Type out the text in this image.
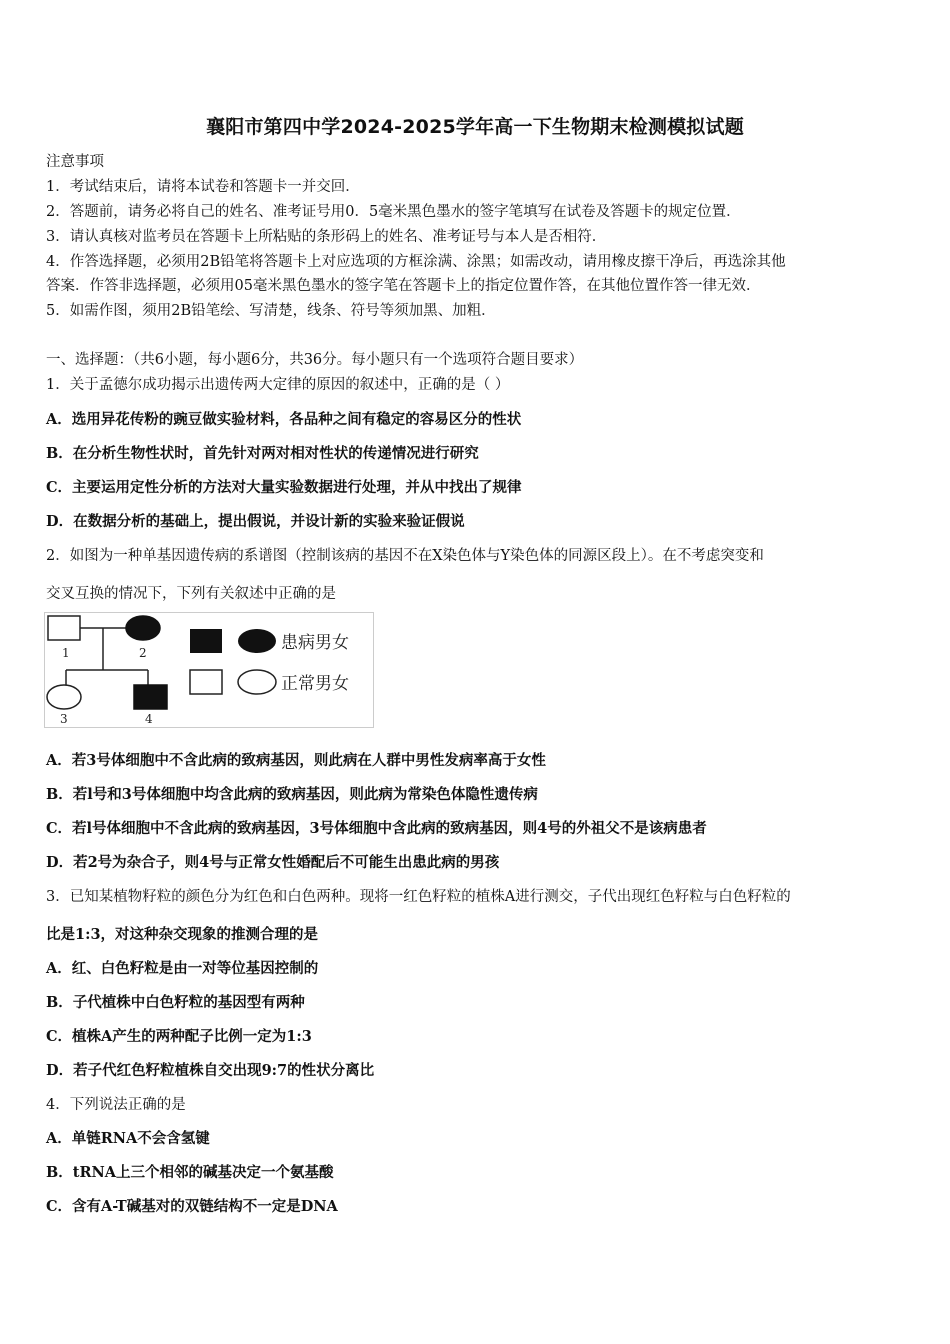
襄阳市第四中学2024-2025学年高一下生物期末检测模拟试题
注意事项
1．考试结束后，请将本试卷和答题卡一并交回．
2．答题前，请务必将自己的姓名、准考证号用0．5毫米黑色墨水的签字笔填写在试卷及答题卡的规定位置．
3．请认真核对监考员在答题卡上所粘贴的条形码上的姓名、准考证号与本人是否相符．
4．作答选择题，必须用2B铅笔将答题卡上对应选项的方框涂满、涂黑；如需改动，请用橡皮擦干净后，再选涂其他
答案．作答非选择题，必须用05毫米黑色墨水的签字笔在答题卡上的指定位置作答，在其他位置作答一律无效．
5．如需作图，须用2B铅笔绘、写清楚，线条、符号等须加黑、加粗．
一、选择题：（共6小题，每小题6分，共36分。每小题只有一个选项符合题目要求）
1．关于孟德尔成功揭示出遗传两大定律的原因的叙述中，正确的是（ ）
A．选用异花传粉的豌豆做实验材料，各品种之间有稳定的容易区分的性状
B．在分析生物性状时，首先针对两对相对性状的传递情况进行研究
C．主要运用定性分析的方法对大量实验数据进行处理，并从中找出了规律
D．在数据分析的基础上，提出假说，并设计新的实验来验证假说
2．如图为一种单基因遗传病的系谱图（控制该病的基因不在X染色体与Y染色体的同源区段上）。在不考虑突变和
交叉互换的情况下，下列有关叙述中正确的是
1	2
3	4
患病男女
正常男女
A．若3号体细胞中不含此病的致病基因，则此病在人群中男性发病率高于女性
B．若l号和3号体细胞中均含此病的致病基因，则此病为常染色体隐性遗传病
C．若l号体细胞中不含此病的致病基因，3号体细胞中含此病的致病基因，则4号的外祖父不是该病患者
D．若2号为杂合子，则4号与正常女性婚配后不可能生出患此病的男孩
3．已知某植物籽粒的颜色分为红色和白色两种。现将一红色籽粒的植株A进行测交，子代出现红色籽粒与白色籽粒的
比是1:3，对这种杂交现象的推测合理的是
A．红、白色籽粒是由一对等位基因控制的
B．子代植株中白色籽粒的基因型有两种
C．植株A产生的两种配子比例一定为1:3
D．若子代红色籽粒植株自交出现9:7的性状分离比
4．下列说法正确的是
A．单链RNA不会含氢键
B．tRNA上三个相邻的碱基决定一个氨基酸
C．含有A-T碱基对的双链结构不一定是DNA
